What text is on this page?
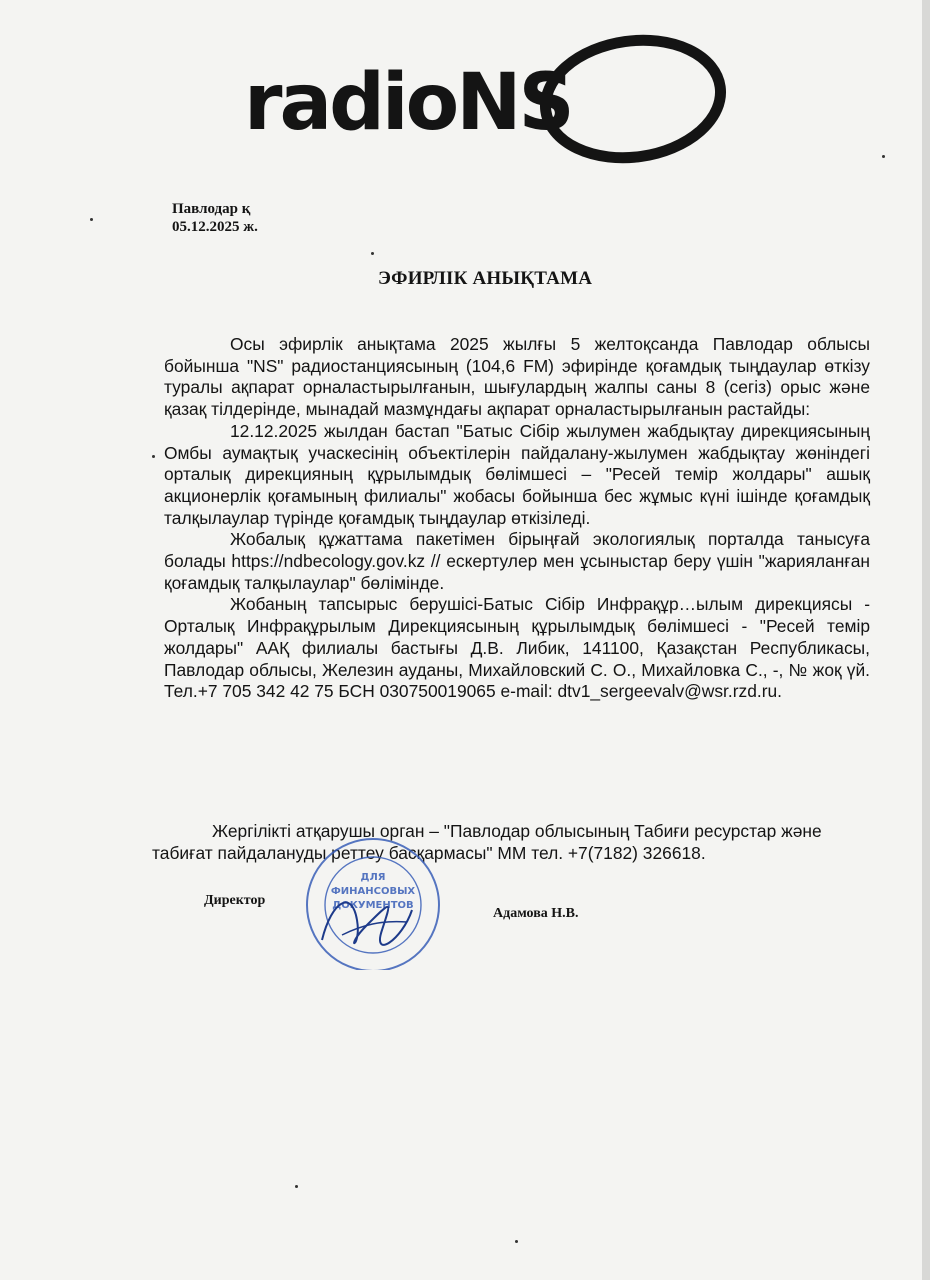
radioNS
Павлодар қ
05.12.2025 ж.
ЭФИРЛІК АНЫҚТАМА

Осы эфирлік анықтама 2025 жылғы 5 желтоқсанда Павлодар облысы бойынша "NS" радиостанциясының (104,6 FM) эфирінде қоғамдық тыңдаулар өткізу туралы ақпарат орналастырылғанын, шығулардың жалпы саны 8 (сегіз) орыс және қазақ тілдерінде, мынадай мазмұндағы ақпарат орналастырылғанын растайды:

12.12.2025 жылдан бастап "Батыс Сібір жылумен жабдықтау дирекциясының Омбы аумақтық учаскесінің объектілерін пайдалану-жылумен жабдықтау жөніндегі орталық дирекцияның құрылымдық бөлімшесі – "Ресей темір жолдары" ашық акционерлік қоғамының филиалы" жобасы бойынша бес жұмыс күні ішінде қоғамдық талқылаулар түрінде қоғамдық тыңдаулар өткізіледі.

Жобалық құжаттама пакетімен бірыңғай экологиялық порталда танысуға болады https://ndbecology.gov.kz // ескертулер мен ұсыныстар беру үшін "жарияланған қоғамдық талқылаулар" бөлімінде.

Жобаның тапсырыс берушісі-Батыс Сібір Инфрақұр…ылым дирекциясы - Орталық Инфрақұрылым Дирекциясының құрылымдық бөлімшесі - "Ресей темір жолдары" ААҚ филиалы бастығы Д.В. Либик, 141100, Қазақстан Республикасы, Павлодар облысы, Железин ауданы, Михайловский С. О., Михайловка С., -, № жоқ үй. Тел.+7 705 342 42 75 БСН 030750019065 e-mail: dtv1_sergeevalv@wsr.rzd.ru.

Жергілікті атқарушы орган – "Павлодар облысының Табиғи ресурстар және табиғат пайдалануды реттеу басқармасы" ММ тел. +7(7182) 326618.
ДЛЯ
ФИНАНСОВЫХ
ДОКУМЕНТОВ
Директор
Адамова Н.В.
